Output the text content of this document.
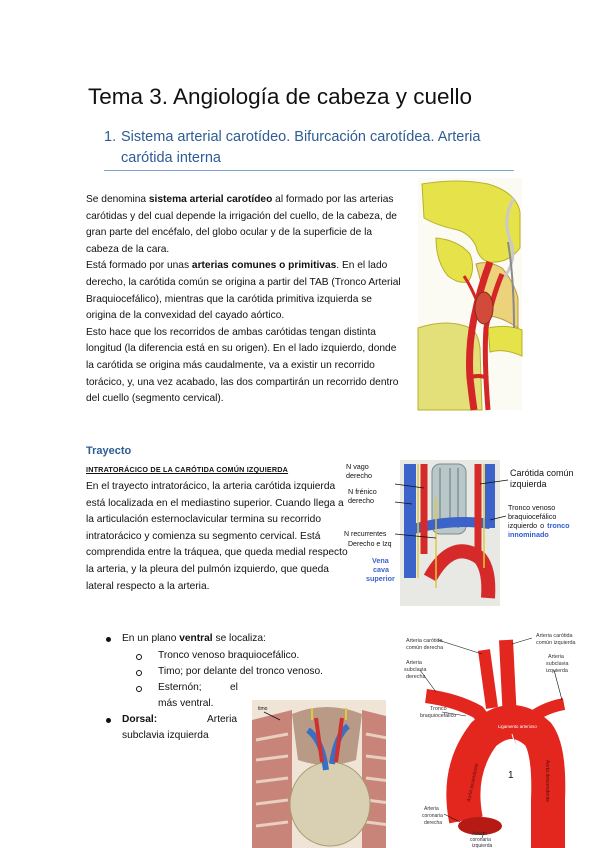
Tema 3. Angiología de cabeza y cuello
1. Sistema arterial carotídeo. Bifurcación carotídea. Arteria carótida interna
Se denomina sistema arterial carotídeo al formado por las arterias carótidas y del cual depende la irrigación del cuello, de la cabeza, de gran parte del encéfalo, del globo ocular y de la superficie de la cabeza de la cara.
Está formado por unas arterias comunes o primitivas. En el lado derecho, la carótida común se origina a partir del TAB (Tronco Arterial Braquiocefálico), mientras que la carótida primitiva izquierda se origina de la convexidad del cayado aórtico.
Esto hace que los recorridos de ambas carótidas tengan distinta longitud (la diferencia está en su origen). En el lado izquierdo, donde la carótida se origina más caudalmente, va a existir un recorrido torácico, y, una vez acabado, las dos compartirán un recorrido dentro del cuello (segmento cervical).
Trayecto
INTRATORÁCICO DE LA CARÓTIDA COMÚN IZQUIERDA
En el trayecto intratorácico, la arteria carótida izquierda está localizada en el mediastino superior. Cuando llega a la articulación esternoclavicular termina su recorrido intratorácico y comienza su segmento cervical. Está comprendida entre la tráquea, que queda medial respecto la arteria, y la pleura del pulmón izquierdo, que queda lateral respecto a la arteria.
N vago
derecho
N frénico
derecho
N recurrentes
Derecho e Izq
Vena
cava
superior
Carótida común
izquierda
Tronco venoso
braquiocefálico
izquierdo o tronco
innominado
En un plano ventral se localiza:
Tronco venoso braquiocefálico.
Timo; por delante del tronco venoso.
Esternón;	el
más ventral.
Dorsal:	Arteria
subclavia izquierda
timo
Arteria carótida
común derecha
Arteria carótida
común izquierda
Arteria
subclavia
derecha
Arteria
subclavia
izquierda
Tronco
braquiocefálico
Ligamento arterioso
Aorta ascendente	Aorta descendente
1
Arteria
coronaria
derecha
Arteria
coronaria
izquierda
